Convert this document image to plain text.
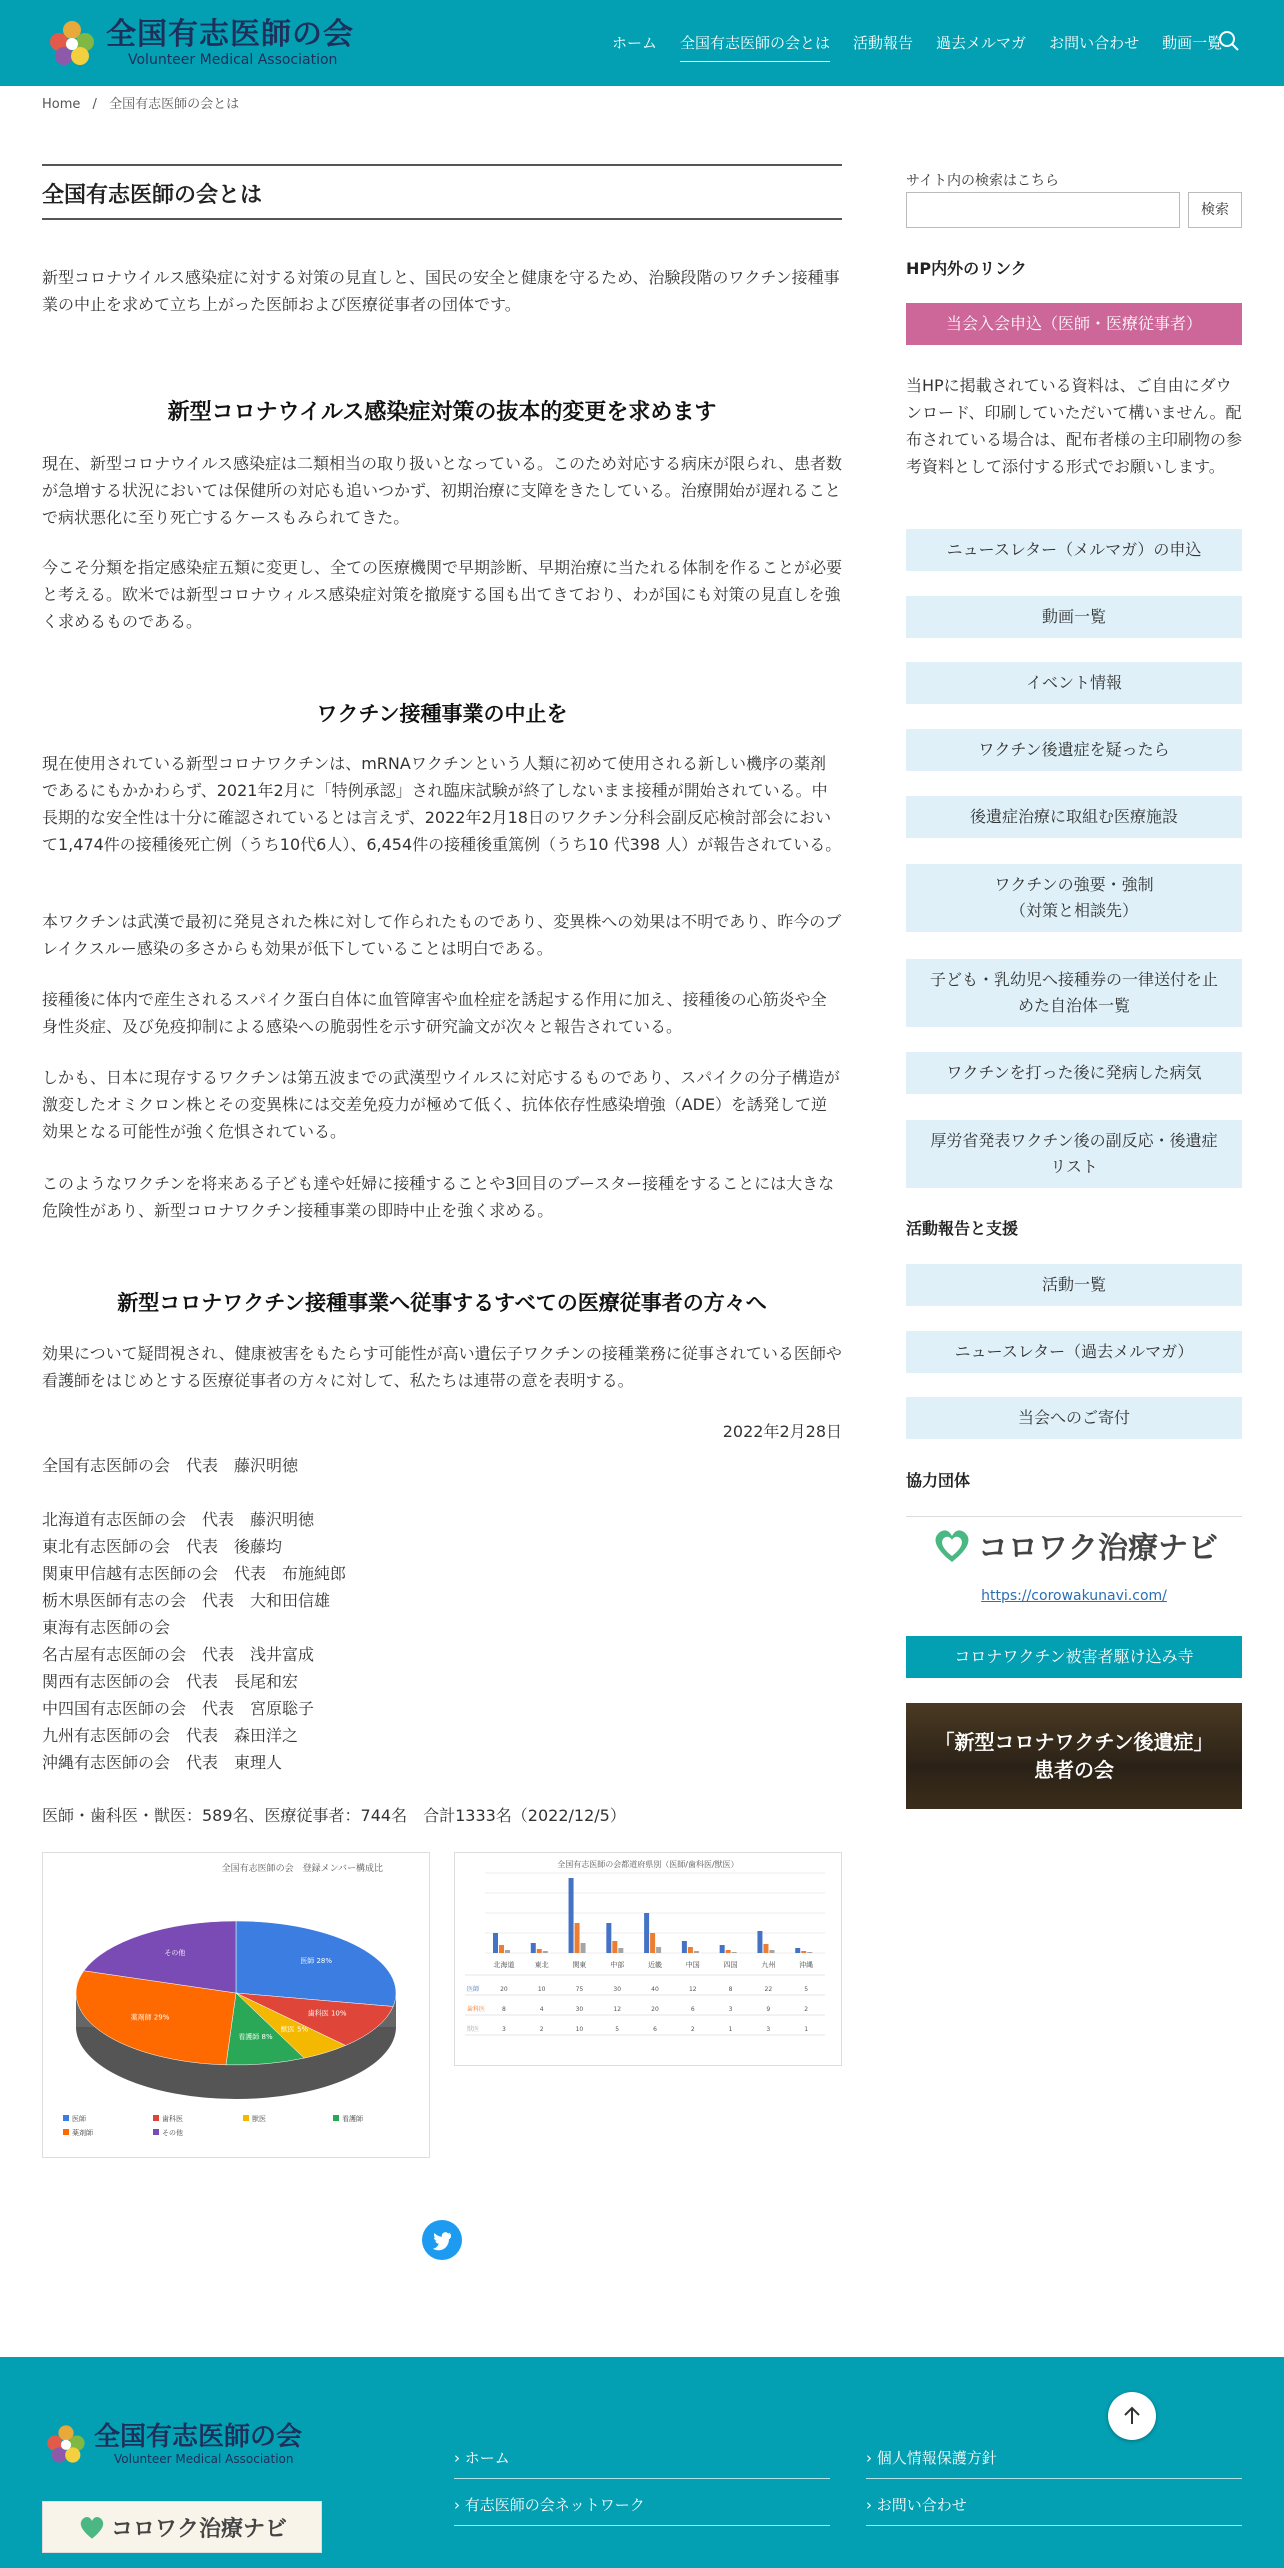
全国有志医師の会
Volunteer Medical Association
ホーム 全国有志医師の会とは 活動報告 過去メルマガ お問い合わせ 動画一覧
Home / 全国有志医師の会とは
全国有志医師の会とは
新型コロナウイルス感染症に対する対策の見直しと、国民の安全と健康を守るため、治験段階のワクチン接種事業の中止を求めて立ち上がった医師および医療従事者の団体です。
新型コロナウイルス感染症対策の抜本的変更を求めます
現在、新型コロナウイルス感染症は二類相当の取り扱いとなっている。このため対応する病床が限られ、患者数が急増する状況においては保健所の対応も追いつかず、初期治療に支障をきたしている。治療開始が遅れることで病状悪化に至り死亡するケースもみられてきた。
今こそ分類を指定感染症五類に変更し、全ての医療機関で早期診断、早期治療に当たれる体制を作ることが必要と考える。欧米では新型コロナウィルス感染症対策を撤廃する国も出てきており、わが国にも対策の見直しを強く求めるものである。
ワクチン接種事業の中止を
現在使用されている新型コロナワクチンは、mRNAワクチンという人類に初めて使用される新しい機序の薬剤であるにもかかわらず、2021年2月に「特例承認」され臨床試験が終了しないまま接種が開始されている。中長期的な安全性は十分に確認されているとは言えず、2022年2月18日のワクチン分科会副反応検討部会において1,474件の接種後死亡例（うち10代6人）、6,454件の接種後重篤例（うち10 代398 人）が報告されている。
本ワクチンは武漢で最初に発見された株に対して作られたものであり、変異株への効果は不明であり、昨今のブレイクスルー感染の多さからも効果が低下していることは明白である。
接種後に体内で産生されるスパイク蛋白自体に血管障害や血栓症を誘起する作用に加え、接種後の心筋炎や全身性炎症、及び免疫抑制による感染への脆弱性を示す研究論文が次々と報告されている。
しかも、日本に現存するワクチンは第五波までの武漢型ウイルスに対応するものであり、スパイクの分子構造が激変したオミクロン株とその変異株には交差免疫力が極めて低く、抗体依存性感染増強（ADE）を誘発して逆効果となる可能性が強く危惧されている。
このようなワクチンを将来ある子ども達や妊婦に接種することや3回目のブースター接種をすることには大きな危険性があり、新型コロナワクチン接種事業の即時中止を強く求める。
新型コロナワクチン接種事業へ従事するすべての医療従事者の方々へ
効果について疑問視され、健康被害をもたらす可能性が高い遺伝子ワクチンの接種業務に従事されている医師や看護師をはじめとする医療従事者の方々に対して、私たちは連帯の意を表明する。
2022年2月28日
全国有志医師の会　代表　藤沢明徳
北海道有志医師の会　代表　藤沢明徳
東北有志医師の会　代表　後藤均
関東甲信越有志医師の会　代表　布施純郎
栃木県医師有志の会　代表　大和田信雄
東海有志医師の会
名古屋有志医師の会　代表　浅井富成
関西有志医師の会　代表　長尾和宏
中四国有志医師の会　代表　宮原聡子
九州有志医師の会　代表　森田洋之
沖縄有志医師の会　代表　東理人
医師・歯科医・獣医：589名、医療従事者：744名　合計1333名（2022/12/5）
全国有志医師の会　登録メンバー構成比
医師 28%
歯科医 10%
獣医 5%
看護師 8%
薬剤師 29%
その他
医師	歯科医	獣医	看護師
薬剤師	その他
全国有志医師の会都道府県別（医師/歯科医/獣医）
北海道	東北	関東	中部	近畿	中国	四国	九州	沖縄
医師	20	10	75	30	40	12	8	22	5
歯科医	8	4	30	12	20	6	3	9	2
獣医	3	2	10	5	6	2	1	3	1
サイト内の検索はこちら
検索
HP内外のリンク
当会入会申込（医師・医療従事者）
当HPに掲載されている資料は、ご自由にダウンロード、印刷していただいて構いません。配布されている場合は、配布者様の主印刷物の参考資料として添付する形式でお願いします。
ニュースレター（メルマガ）の申込
動画一覧
イベント情報
ワクチン後遺症を疑ったら
後遺症治療に取組む医療施設
ワクチンの強要・強制
（対策と相談先）
子ども・乳幼児へ接種券の一律送付を止めた自治体一覧
ワクチンを打った後に発病した病気
厚労省発表ワクチン後の副反応・後遺症リスト
活動報告と支援
活動一覧
ニュースレター（過去メルマガ）
当会へのご寄付
協力団体
コロワク治療ナビ
https://corowakunavi.com/
コロナワクチン被害者駆け込み寺
「新型コロナワクチン後遺症」
患者の会
全国有志医師の会
Volunteer Medical Association
コロワク治療ナビ
› ホーム
› 有志医師の会ネットワーク
› 個人情報保護方針
› お問い合わせ
